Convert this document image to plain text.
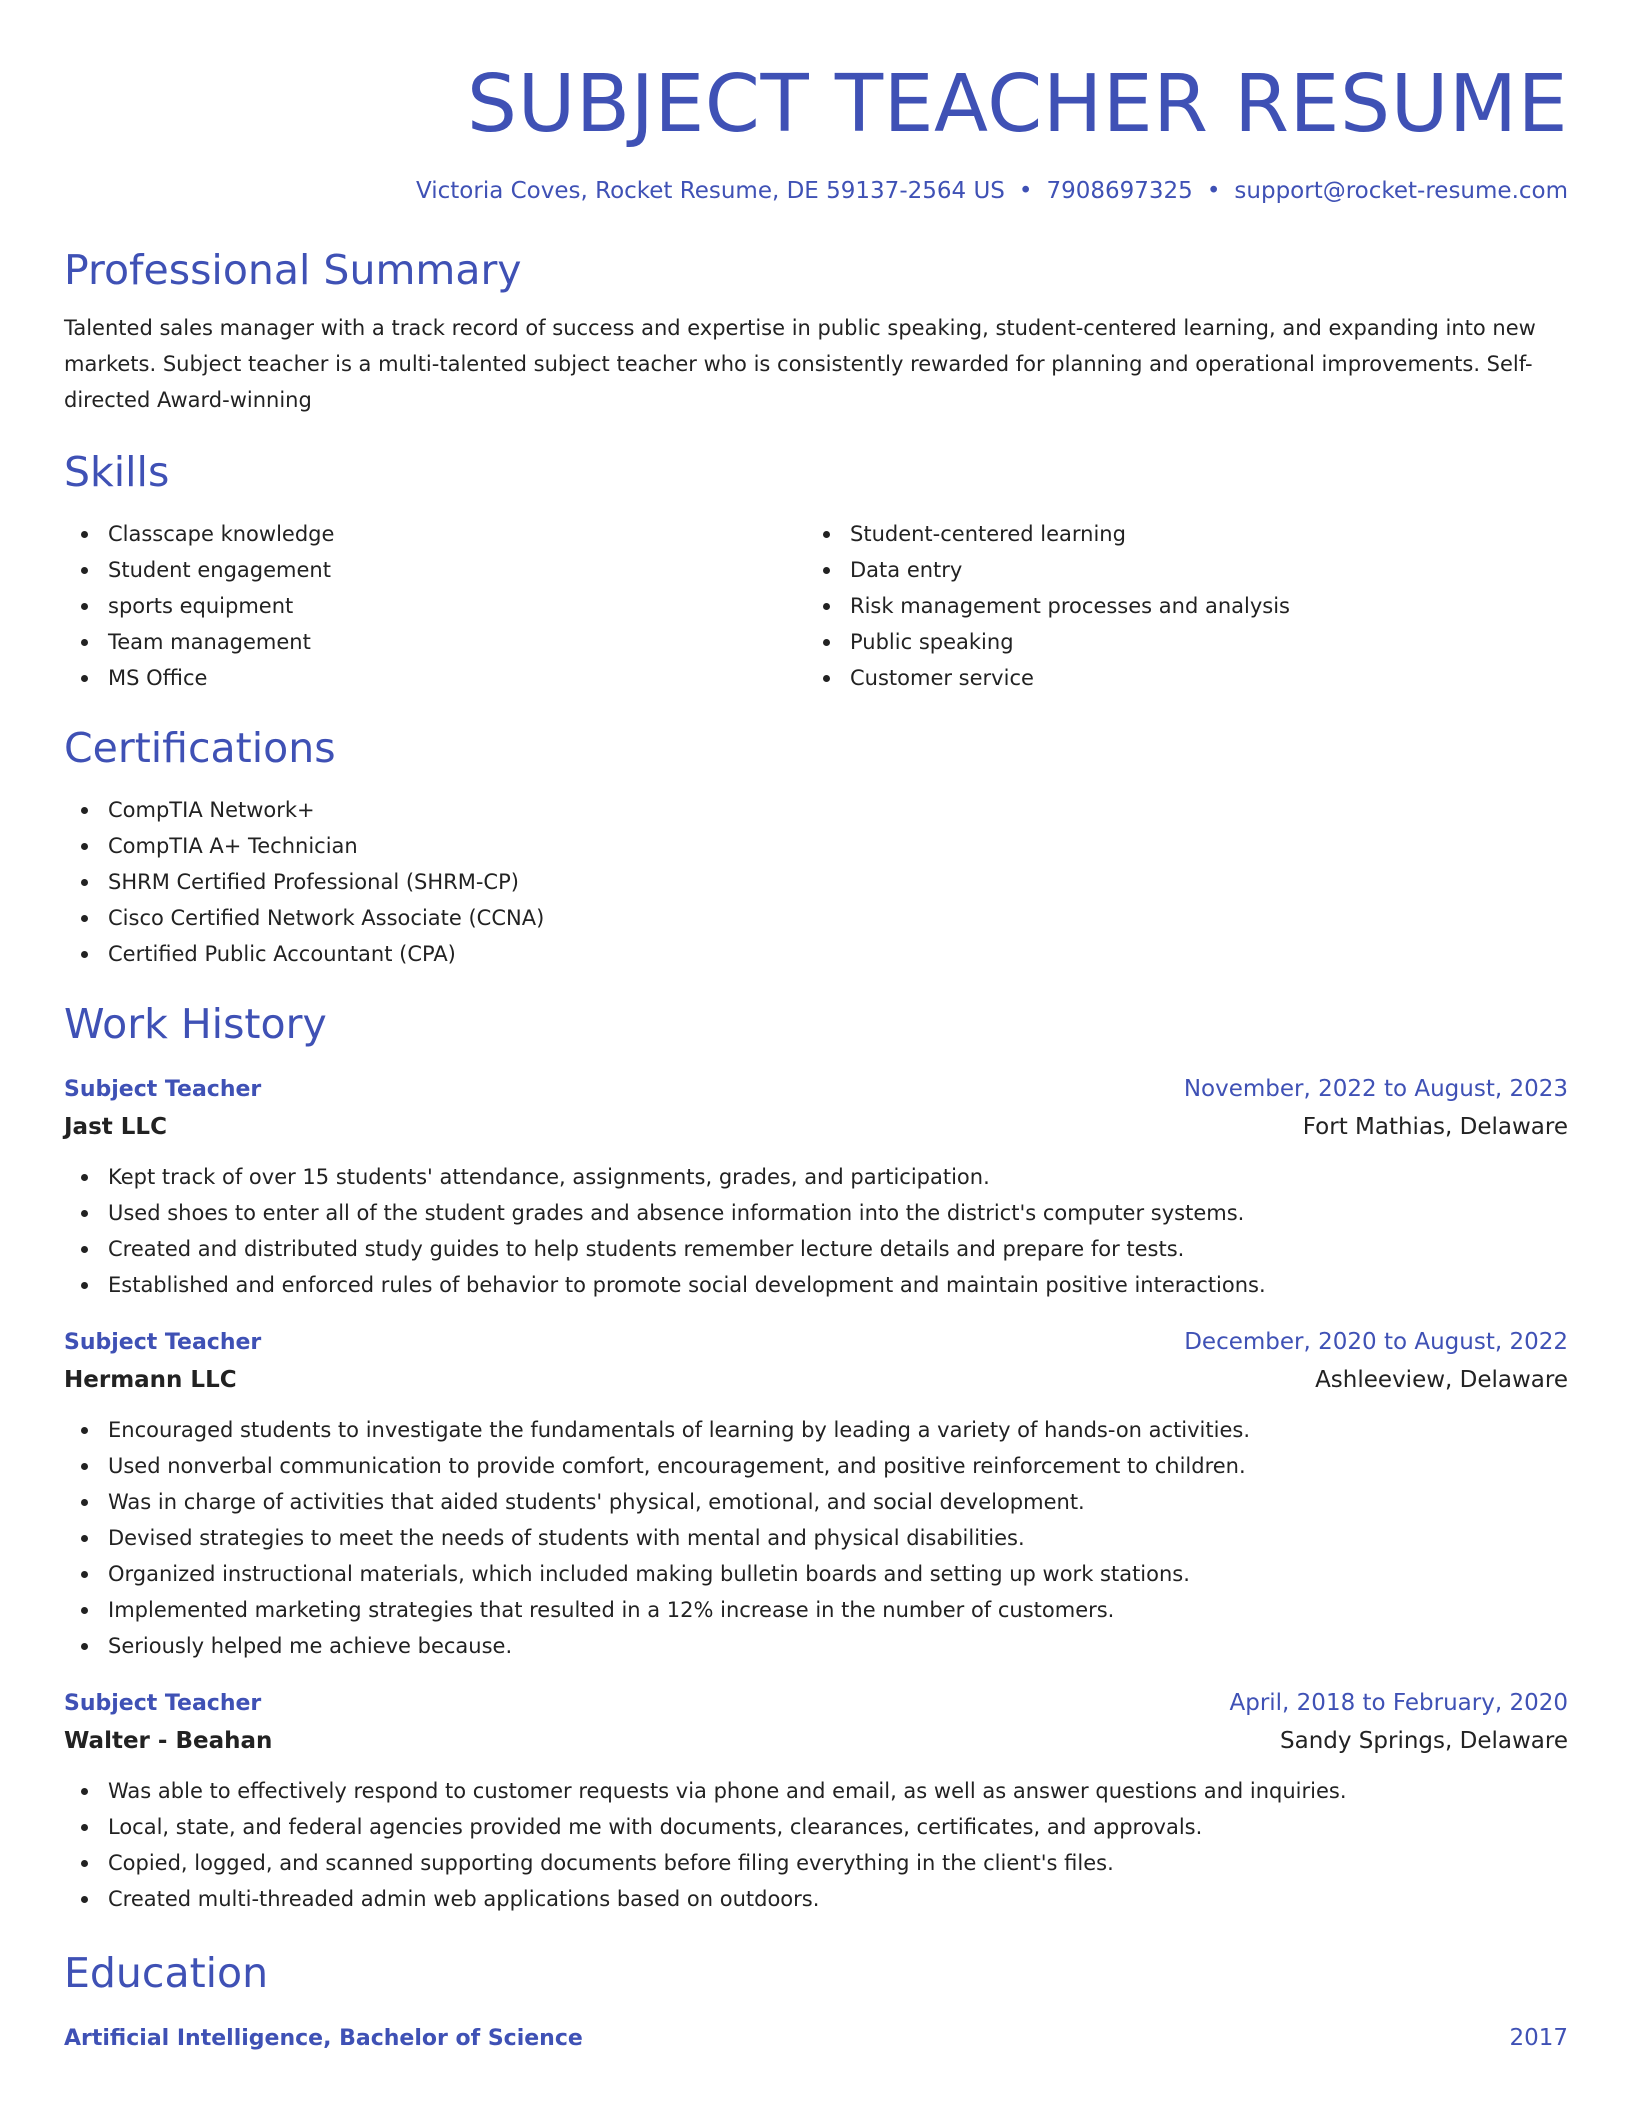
SUBJECT TEACHER RESUME
Victoria Coves, Rocket Resume, DE 59137-2564 US • 7908697325 • support@rocket-resume.com
Professional Summary
Talented sales manager with a track record of success and expertise in public speaking, student-centered learning, and expanding into new markets. Subject teacher is a multi-talented subject teacher who is consistently rewarded for planning and operational improvements. Self-directed Award-winning
Skills
Classcape knowledge
Student engagement
sports equipment
Team management
MS Office
Student-centered learning
Data entry
Risk management processes and analysis
Public speaking
Customer service
Certifications
CompTIA Network+
CompTIA A+ Technician
SHRM Certified Professional (SHRM-CP)
Cisco Certified Network Associate (CCNA)
Certified Public Accountant (CPA)
Work History
Subject Teacher	November, 2022 to August, 2023
Jast LLC	Fort Mathias, Delaware
Kept track of over 15 students' attendance, assignments, grades, and participation.
Used shoes to enter all of the student grades and absence information into the district's computer systems.
Created and distributed study guides to help students remember lecture details and prepare for tests.
Established and enforced rules of behavior to promote social development and maintain positive interactions.
Subject Teacher	December, 2020 to August, 2022
Hermann LLC	Ashleeview, Delaware
Encouraged students to investigate the fundamentals of learning by leading a variety of hands-on activities.
Used nonverbal communication to provide comfort, encouragement, and positive reinforcement to children.
Was in charge of activities that aided students' physical, emotional, and social development.
Devised strategies to meet the needs of students with mental and physical disabilities.
Organized instructional materials, which included making bulletin boards and setting up work stations.
Implemented marketing strategies that resulted in a 12% increase in the number of customers.
Seriously helped me achieve because.
Subject Teacher	April, 2018 to February, 2020
Walter - Beahan	Sandy Springs, Delaware
Was able to effectively respond to customer requests via phone and email, as well as answer questions and inquiries.
Local, state, and federal agencies provided me with documents, clearances, certificates, and approvals.
Copied, logged, and scanned supporting documents before filing everything in the client's files.
Created multi-threaded admin web applications based on outdoors.
Education
Artificial Intelligence, Bachelor of Science	2017
